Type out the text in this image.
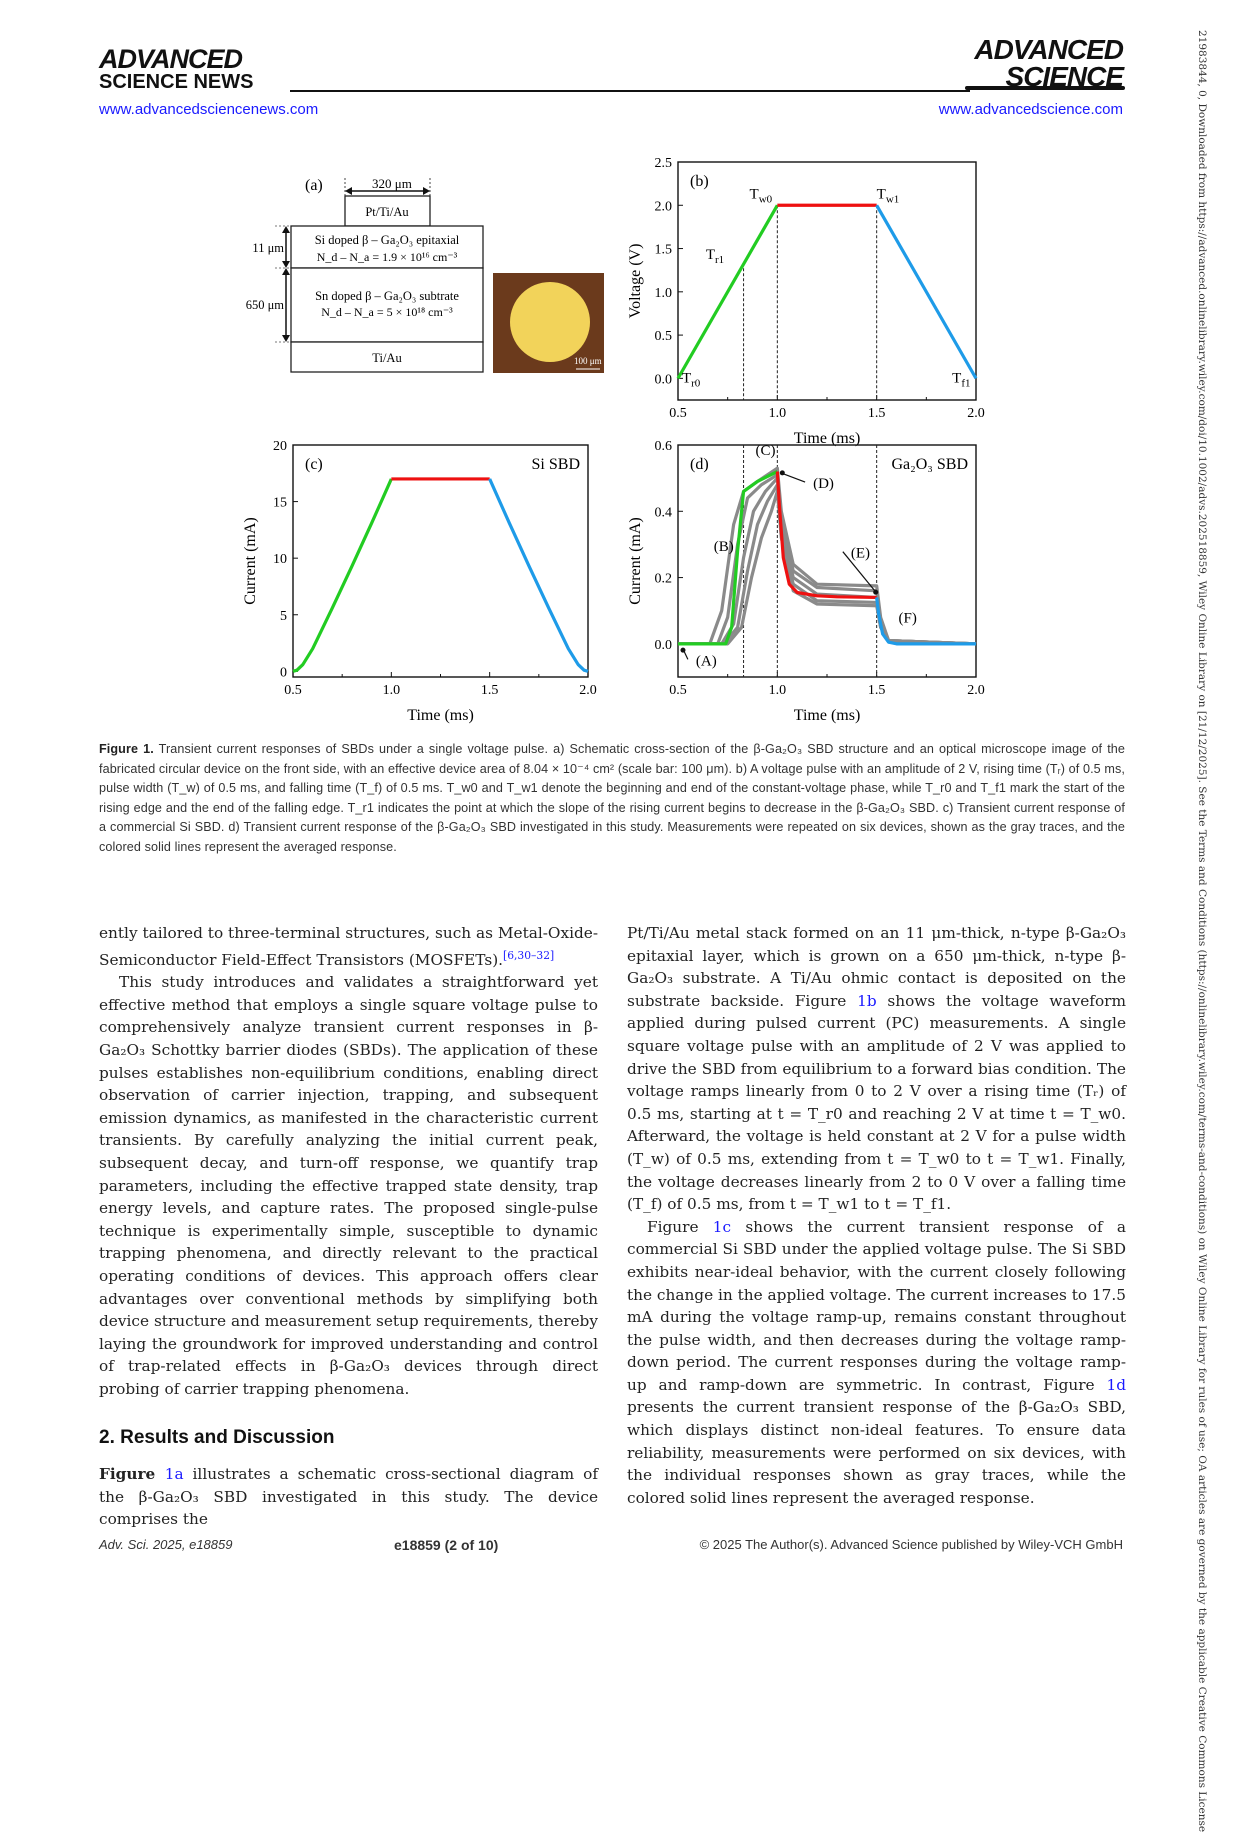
ADVANCED
SCIENCE NEWS
ADVANCED
SCIENCE
www.advancedsciencenews.com	www.advancedscience.com	21983844, 0, Downloaded from https://advanced.onlinelibrary.wiley.com/doi/10.1002/advs.202518859, Wiley Online Library on [21/12/2025]. See the Terms and Conditions (https://onlinelibrary.wiley.com/terms-and-conditions) on Wiley Online Library for rules of use; OA articles are governed by the applicable Creative Commons License
(a)	320 μm
Pt/Ti/Au
Si doped β – Ga₂O₃ epitaxial
N_d – N_a = 1.9 × 10¹⁶ cm⁻³
Sn doped β – Ga₂O₃ subtrate
N_d – N_a = 5 × 10¹⁸ cm⁻³
Ti/Au
11 μm
650 μm
100 μm
0.5	1.0	1.5	2.0
0.0
0.5
1.0
1.5
2.0
2.5
Time (ms)
Voltage (V)
(b)
$T_{r0}$
$T_{r1}$
$T_{w0}$	$T_{w1}$
$T_{f1}$
0.5	1.0	1.5	2.0
0
5
10
15
20
Time (ms)
Current (mA)
(c)	Si SBD
0.5	1.0	1.5	2.0
0.0
0.2
0.4
0.6
Time (ms)
Current (mA)
(d)	Ga₂O₃ SBD
(A)
(B)
(C)
(D)
(E)
(F)
Figure 1. Transient current responses of SBDs under a single voltage pulse. a) Schematic cross-section of the β-Ga₂O₃ SBD structure and an optical microscope image of the fabricated circular device on the front side, with an effective device area of 8.04 × 10⁻⁴ cm² (scale bar: 100 μm). b) A voltage pulse with an amplitude of 2 V, rising time (Tᵣ) of 0.5 ms, pulse width (T_w) of 0.5 ms, and falling time (T_f) of 0.5 ms. T_w0 and T_w1 denote the beginning and end of the constant-voltage phase, while T_r0 and T_f1 mark the start of the rising edge and the end of the falling edge. T_r1 indicates the point at which the slope of the rising current begins to decrease in the β-Ga₂O₃ SBD. c) Transient current response of a commercial Si SBD. d) Transient current response of the β-Ga₂O₃ SBD investigated in this study. Measurements were repeated on six devices, shown as the gray traces, and the colored solid lines represent the averaged response.

ently tailored to three-terminal structures, such as Metal-Oxide-Semiconductor Field-Effect Transistors (MOSFETs).[6,30–32]

This study introduces and validates a straightforward yet effective method that employs a single square voltage pulse to comprehensively analyze transient current responses in β-Ga₂O₃ Schottky barrier diodes (SBDs). The application of these pulses establishes non-equilibrium conditions, enabling direct observation of carrier injection, trapping, and subsequent emission dynamics, as manifested in the characteristic current transients. By carefully analyzing the initial current peak, subsequent decay, and turn-off response, we quantify trap parameters, including the effective trapped state density, trap energy levels, and capture rates. The proposed single-pulse technique is experimentally simple, susceptible to dynamic trapping phenomena, and directly relevant to the practical operating conditions of devices. This approach offers clear advantages over conventional methods by simplifying both device structure and measurement setup requirements, thereby laying the groundwork for improved understanding and control of trap-related effects in β-Ga₂O₃ devices through direct probing of carrier trapping phenomena.

2. Results and Discussion

Figure 1a illustrates a schematic cross-sectional diagram of the β-Ga₂O₃ SBD investigated in this study. The device comprises the

Pt/Ti/Au metal stack formed on an 11 μm-thick, n-type β-Ga₂O₃ epitaxial layer, which is grown on a 650 μm-thick, n-type β-Ga₂O₃ substrate. A Ti/Au ohmic contact is deposited on the substrate backside. Figure 1b shows the voltage waveform applied during pulsed current (PC) measurements. A single square voltage pulse with an amplitude of 2 V was applied to drive the SBD from equilibrium to a forward bias condition. The voltage ramps linearly from 0 to 2 V over a rising time (Tᵣ) of 0.5 ms, starting at t = T_r0 and reaching 2 V at time t = T_w0. Afterward, the voltage is held constant at 2 V for a pulse width (T_w) of 0.5 ms, extending from t = T_w0 to t = T_w1. Finally, the voltage decreases linearly from 2 to 0 V over a falling time (T_f) of 0.5 ms, from t = T_w1 to t = T_f1.

Figure 1c shows the current transient response of a commercial Si SBD under the applied voltage pulse. The Si SBD exhibits near-ideal behavior, with the current closely following the change in the applied voltage. The current increases to 17.5 mA during the voltage ramp-up, remains constant throughout the pulse width, and then decreases during the voltage ramp-down period. The current responses during the voltage ramp-up and ramp-down are symmetric. In contrast, Figure 1d presents the current transient response of the β-Ga₂O₃ SBD, which displays distinct non-ideal features. To ensure data reliability, measurements were performed on six devices, with the individual responses shown as gray traces, while the colored solid lines represent the averaged response.

Adv. Sci. 2025, e18859	e18859 (2 of 10)	© 2025 The Author(s). Advanced Science published by Wiley-VCH GmbH
